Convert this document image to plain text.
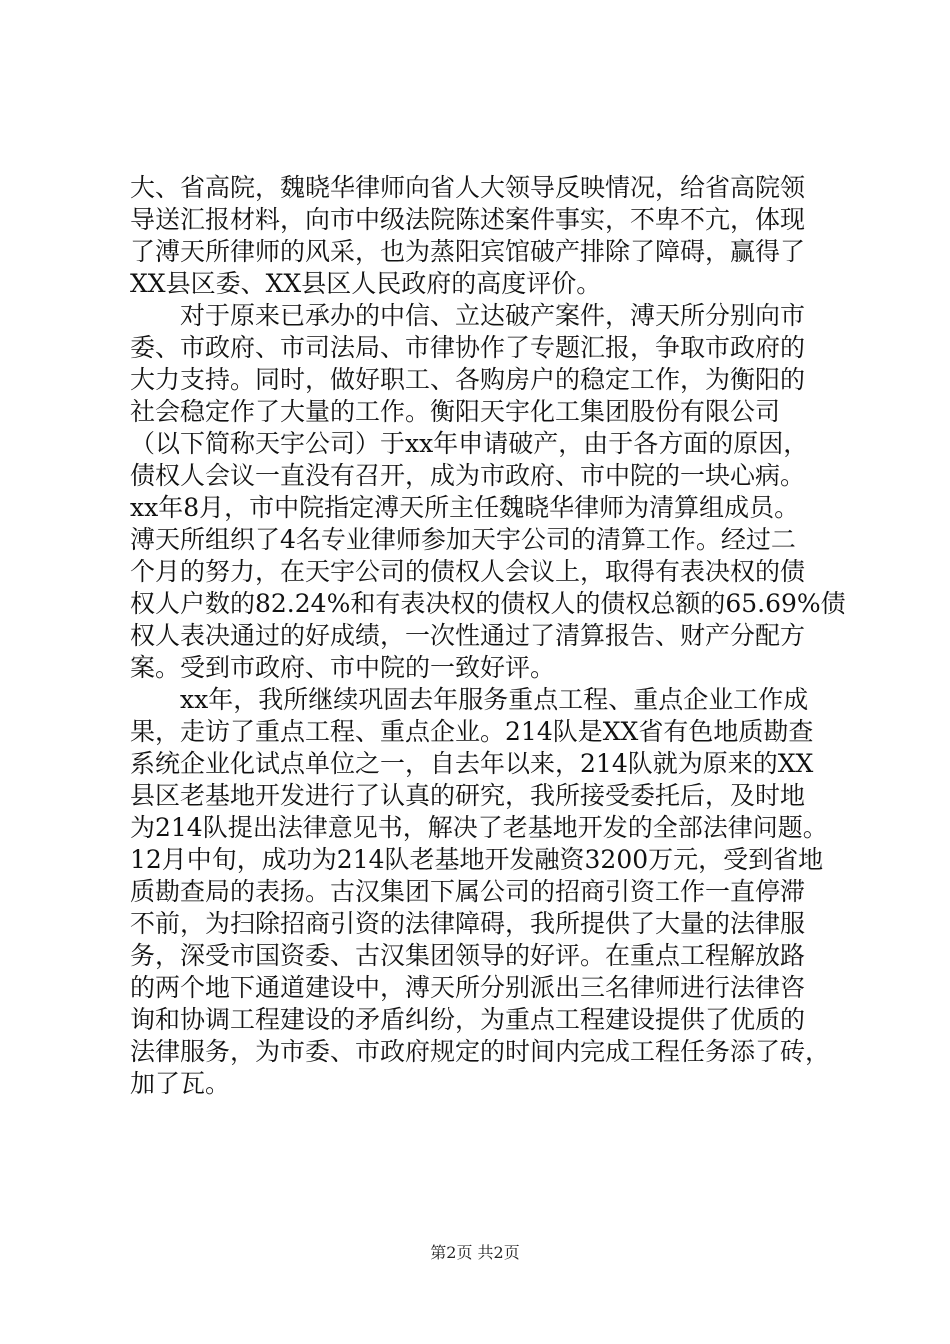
大、省高院，魏晓华律师向省人大领导反映情况，给省高院领
导送汇报材料，向市中级法院陈述案件事实，不卑不亢，体现
了溥天所律师的风采，也为蒸阳宾馆破产排除了障碍，赢得了
XX县区委、XX县区人民政府的高度评价。
对于原来已承办的中信、立达破产案件，溥天所分别向市
委、市政府、市司法局、市律协作了专题汇报，争取市政府的
大力支持。同时，做好职工、各购房户的稳定工作，为衡阳的
社会稳定作了大量的工作。衡阳天宇化工集团股份有限公司
（以下简称天宇公司）于xx年申请破产，由于各方面的原因，
债权人会议一直没有召开，成为市政府、市中院的一块心病。
xx年8月，市中院指定溥天所主任魏晓华律师为清算组成员。
溥天所组织了4名专业律师参加天宇公司的清算工作。经过二
个月的努力，在天宇公司的债权人会议上，取得有表决权的债
权人户数的82.24%和有表决权的债权人的债权总额的65.69%债
权人表决通过的好成绩，一次性通过了清算报告、财产分配方
案。受到市政府、市中院的一致好评。
xx年，我所继续巩固去年服务重点工程、重点企业工作成
果，走访了重点工程、重点企业。214队是XX省有色地质勘查
系统企业化试点单位之一，自去年以来，214队就为原来的XX
县区老基地开发进行了认真的研究，我所接受委托后，及时地
为214队提出法律意见书，解决了老基地开发的全部法律问题。
12月中旬，成功为214队老基地开发融资3200万元，受到省地
质勘查局的表扬。古汉集团下属公司的招商引资工作一直停滞
不前，为扫除招商引资的法律障碍，我所提供了大量的法律服
务，深受市国资委、古汉集团领导的好评。在重点工程解放路
的两个地下通道建设中，溥天所分别派出三名律师进行法律咨
询和协调工程建设的矛盾纠纷，为重点工程建设提供了优质的
法律服务，为市委、市政府规定的时间内完成工程任务添了砖，
加了瓦。
第2页 共2页
